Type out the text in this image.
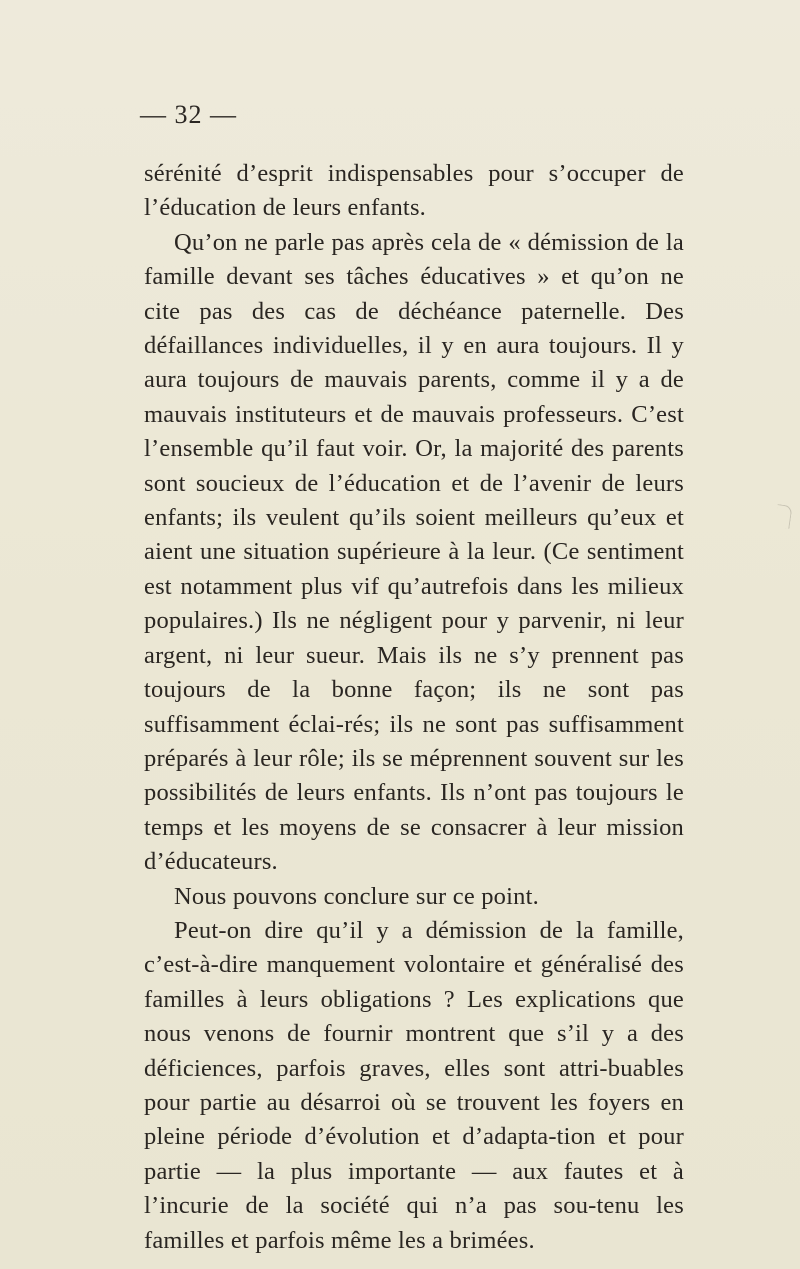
— 32 —

sérénité d’esprit indispensables pour s’occuper de l’éducation de leurs enfants.

Qu’on ne parle pas après cela de « démission de la famille devant ses tâches éducatives » et qu’on ne cite pas des cas de déchéance paternelle. Des défaillances individuelles, il y en aura toujours. Il y aura toujours de mauvais parents, comme il y a de mauvais instituteurs et de mauvais professeurs. C’est l’ensemble qu’il faut voir. Or, la majorité des parents sont soucieux de l’éducation et de l’avenir de leurs enfants; ils veulent qu’ils soient meilleurs qu’eux et aient une situation supérieure à la leur. (Ce sentiment est notamment plus vif qu’autrefois dans les milieux populaires.) Ils ne négligent pour y parvenir, ni leur argent, ni leur sueur. Mais ils ne s’y prennent pas toujours de la bonne façon; ils ne sont pas suffisamment éclai-rés; ils ne sont pas suffisamment préparés à leur rôle; ils se méprennent souvent sur les possibilités de leurs enfants. Ils n’ont pas toujours le temps et les moyens de se consacrer à leur mission d’éducateurs.

Nous pouvons conclure sur ce point.

Peut-on dire qu’il y a démission de la famille, c’est-à-dire manquement volontaire et généralisé des familles à leurs obligations ? Les explications que nous venons de fournir montrent que s’il y a des déficiences, parfois graves, elles sont attri-buables pour partie au désarroi où se trouvent les foyers en pleine période d’évolution et d’adapta-tion et pour partie — la plus importante — aux fautes et à l’incurie de la société qui n’a pas sou-tenu les familles et parfois même les a brimées.
